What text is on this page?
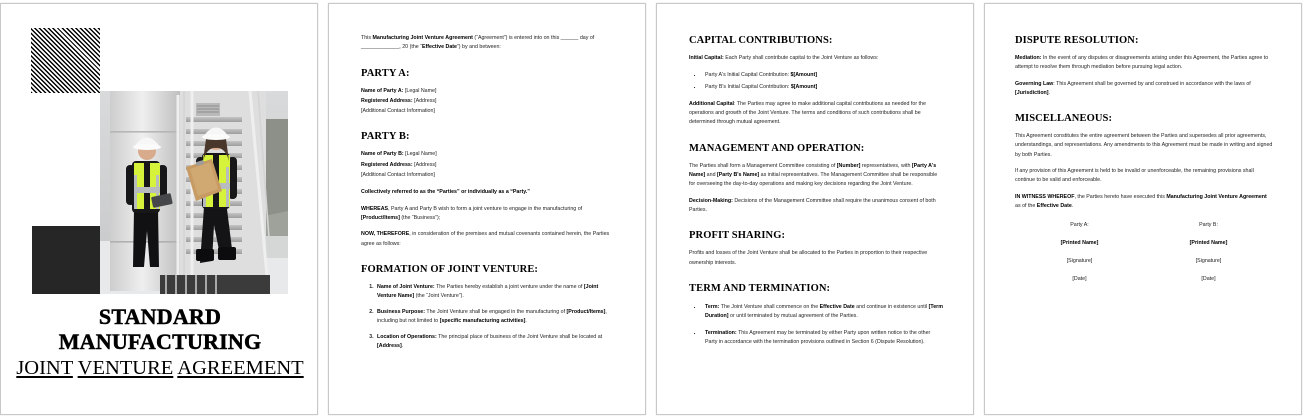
STANDARD
MANUFACTURING
JOINT VENTURE AGREEMENT

This Manufacturing Joint Venture Agreement (“Agreement”) is entered into on this ______ day of _____________, 20 (the “Effective Date”) by and between:

PARTY A:

Name of Party A: [Legal Name]

Registered Address: [Address]

[Additional Contact Information]

PARTY B:

Name of Party B: [Legal Name]

Registered Address: [Address]

[Additional Contact Information]

Collectively referred to as the “Parties” or individually as a “Party.”

WHEREAS, Party A and Party B wish to form a joint venture to engage in the manufacturing of [Product/Items] (the “Business”);

NOW, THEREFORE, in consideration of the premises and mutual covenants contained herein, the Parties agree as follows:

FORMATION OF JOINT VENTURE:
1. Name of Joint Venture: The Parties hereby establish a joint venture under the name of [Joint Venture Name] (the “Joint Venture”).
2. Business Purpose: The Joint Venture shall be engaged in the manufacturing of [Product/Items], including but not limited to [specific manufacturing activities].
3. Location of Operations: The principal place of business of the Joint Venture shall be located at [Address].
CAPITAL CONTRIBUTIONS:

Initial Capital: Each Party shall contribute capital to the Joint Venture as follows:

▪ Party A's Initial Capital Contribution: $[Amount]
▪ Party B's Initial Capital Contribution: $[Amount]

Additional Capital: The Parties may agree to make additional capital contributions as needed for the operations and growth of the Joint Venture. The terms and conditions of such contributions shall be determined through mutual agreement.

MANAGEMENT AND OPERATION:

The Parties shall form a Management Committee consisting of [Number] representatives, with [Party A's Name] and [Party B's Name] as initial representatives. The Management Committee shall be responsible for overseeing the day-to-day operations and making key decisions regarding the Joint Venture.

Decision-Making: Decisions of the Management Committee shall require the unanimous consent of both Parties.

PROFIT SHARING:

Profits and losses of the Joint Venture shall be allocated to the Parties in proportion to their respective ownership interests.

TERM AND TERMINATION:
▪ Term: The Joint Venture shall commence on the Effective Date and continue in existence until [Term Duration] or until terminated by mutual agreement of the Parties.
▪ Termination: This Agreement may be terminated by either Party upon written notice to the other Party in accordance with the termination provisions outlined in Section 6 (Dispute Resolution).
DISPUTE RESOLUTION:

Mediation: In the event of any disputes or disagreements arising under this Agreement, the Parties agree to attempt to resolve them through mediation before pursuing legal action.

Governing Law: This Agreement shall be governed by and construed in accordance with the laws of [Jurisdiction].

MISCELLANEOUS:

This Agreement constitutes the entire agreement between the Parties and supersedes all prior agreements, understandings, and representations. Any amendments to this Agreement must be made in writing and signed by both Parties.

If any provision of this Agreement is held to be invalid or unenforceable, the remaining provisions shall continue to be valid and enforceable.

IN WITNESS WHEREOF, the Parties hereto have executed this Manufacturing Joint Venture Agreement as of the Effective Date.

Party A:
[Printed Name]
[Signature]
[Date]
Party B:
[Printed Name]
[Signature]
[Date]
